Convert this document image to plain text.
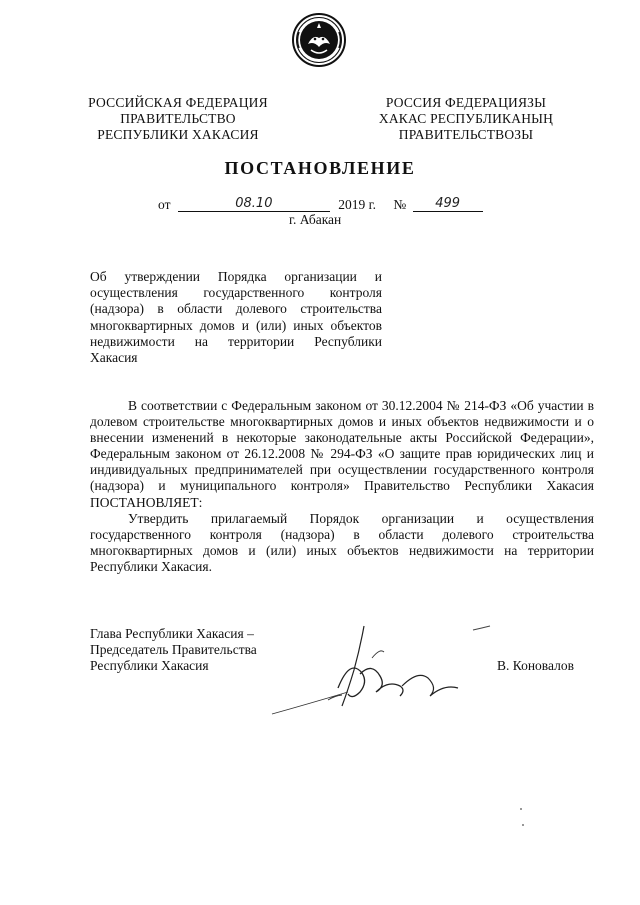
РОССИЙСКАЯ ФЕДЕРАЦИЯ
ПРАВИТЕЛЬСТВО
РЕСПУБЛИКИ ХАКАСИЯ
РОССИЯ ФЕДЕРАЦИЯЗЫ
ХАКАС РЕСПУБЛИКАНЫҢ
ПРАВИТЕЛЬСТВОЗЫ
ПОСТАНОВЛЕНИЕ
от	08.10	2019 г. № 499
г. Абакан
Об утверждении Порядка организации и осуществления государственного контроля (надзора) в области долевого строительства многоквартирных домов и (или) иных объектов недвижимости на территории Республики Хакасия

В соответствии с Федеральным законом от 30.12.2004 № 214-ФЗ «Об участии в долевом строительстве многоквартирных домов и иных объектов недвижимости и о внесении изменений в некоторые законодательные акты Российской Федерации», Федеральным законом от 26.12.2008 № 294-ФЗ «О защите прав юридических лиц и индивидуальных предпринимателей при осуществлении государственного контроля (надзора) и муниципального контроля» Правительство Республики Хакасия ПОСТАНОВЛЯЕТ:

Утвердить прилагаемый Порядок организации и осуществления государственного контроля (надзора) в области долевого строительства многоквартирных домов и (или) иных объектов недвижимости на территории Республики Хакасия.

Глава Республики Хакасия –
Председатель Правительства
Республики Хакасия	В. Коновалов
